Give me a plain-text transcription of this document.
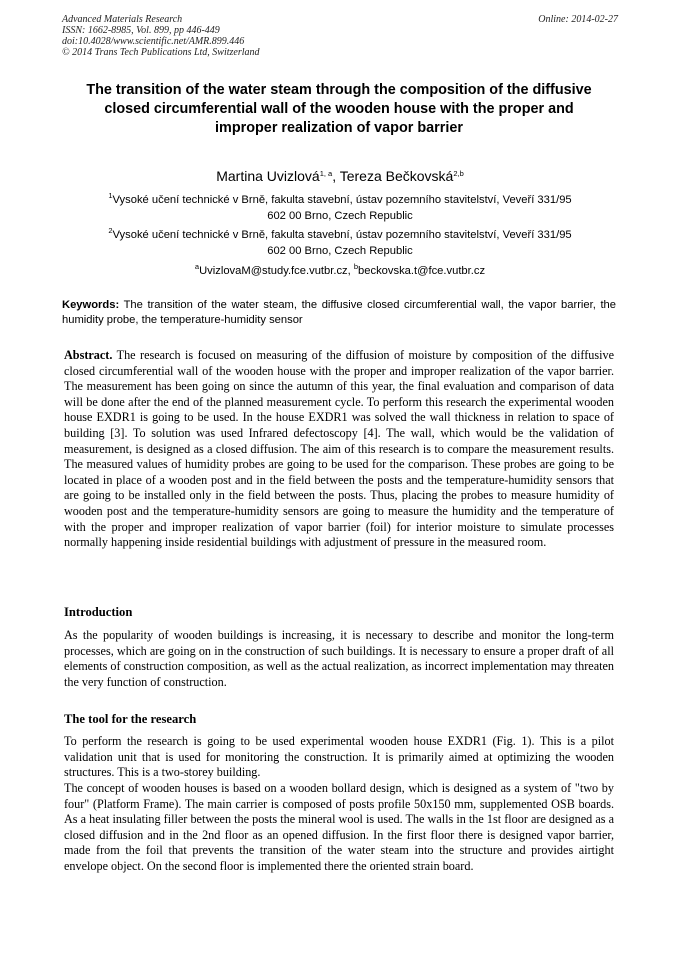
Advanced Materials Research
ISSN: 1662-8985, Vol. 899, pp 446-449
doi:10.4028/www.scientific.net/AMR.899.446
© 2014 Trans Tech Publications Ltd, Switzerland
Online: 2014-02-27
The transition of the water steam through the composition of the diffusive closed circumferential wall of the wooden house with the proper and improper realization of vapor barrier
Martina Uvizlová$^{1, a}$, Tereza Bečkovská$^{2,b}$
$^1$Vysoké učení technické v Brně, fakulta stavební, ústav pozemního stavitelství, Veveří 331/95
602 00 Brno, Czech Republic
$^2$Vysoké učení technické v Brně, fakulta stavební, ústav pozemního stavitelství, Veveří 331/95
602 00 Brno, Czech Republic
$^a$UvizlovaM@study.fce.vutbr.cz, $^b$beckovska.t@fce.vutbr.cz
Keywords: The transition of the water steam, the diffusive closed circumferential wall, the vapor barrier, the humidity probe, the temperature-humidity sensor
Abstract. The research is focused on measuring of the diffusion of moisture by composition of the diffusive closed circumferential wall of the wooden house with the proper and improper realization of the vapor barrier. The measurement has been going on since the autumn of this year, the final evaluation and comparison of data will be done after the end of the planned measurement cycle. To perform this research the experimental wooden house EXDR1 is going to be used. In the house EXDR1 was solved the wall thickness in relation to space of building [3]. To solution was used Infrared defectoscopy [4]. The wall, which would be the validation of measurement, is designed as a closed diffusion. The aim of this research is to compare the measurement results. The measured values of humidity probes are going to be used for the comparison. These probes are going to be located in place of a wooden post and in the field between the posts and the temperature-humidity sensors that are going to be installed only in the field between the posts. Thus, placing the probes to measure humidity of wooden post and the temperature-humidity sensors are going to measure the humidity and the temperature of with the proper and improper realization of vapor barrier (foil) for interior moisture to simulate processes normally happening inside residential buildings with adjustment of pressure in the measured room.
Introduction
As the popularity of wooden buildings is increasing, it is necessary to describe and monitor the long-term processes, which are going on in the construction of such buildings. It is necessary to ensure a proper draft of all elements of construction composition, as well as the actual realization, as incorrect implementation may threaten the very function of construction.
The tool for the research
To perform the research is going to be used experimental wooden house EXDR1 (Fig. 1). This is a pilot validation unit that is used for monitoring the construction. It is primarily aimed at optimizing the wooden structures. This is a two-storey building.
The concept of wooden houses is based on a wooden bollard design, which is designed as a system of "two by four" (Platform Frame). The main carrier is composed of posts profile 50x150 mm, supplemented OSB boards. As a heat insulating filler between the posts the mineral wool is used. The walls in the 1st floor are designed as a closed diffusion and in the 2nd floor as an opened diffusion. In the first floor there is designed vapor barrier, made from the foil that prevents the transition of the water steam into the structure and provides airtight envelope object. On the second floor is implemented there the oriented strain board.
